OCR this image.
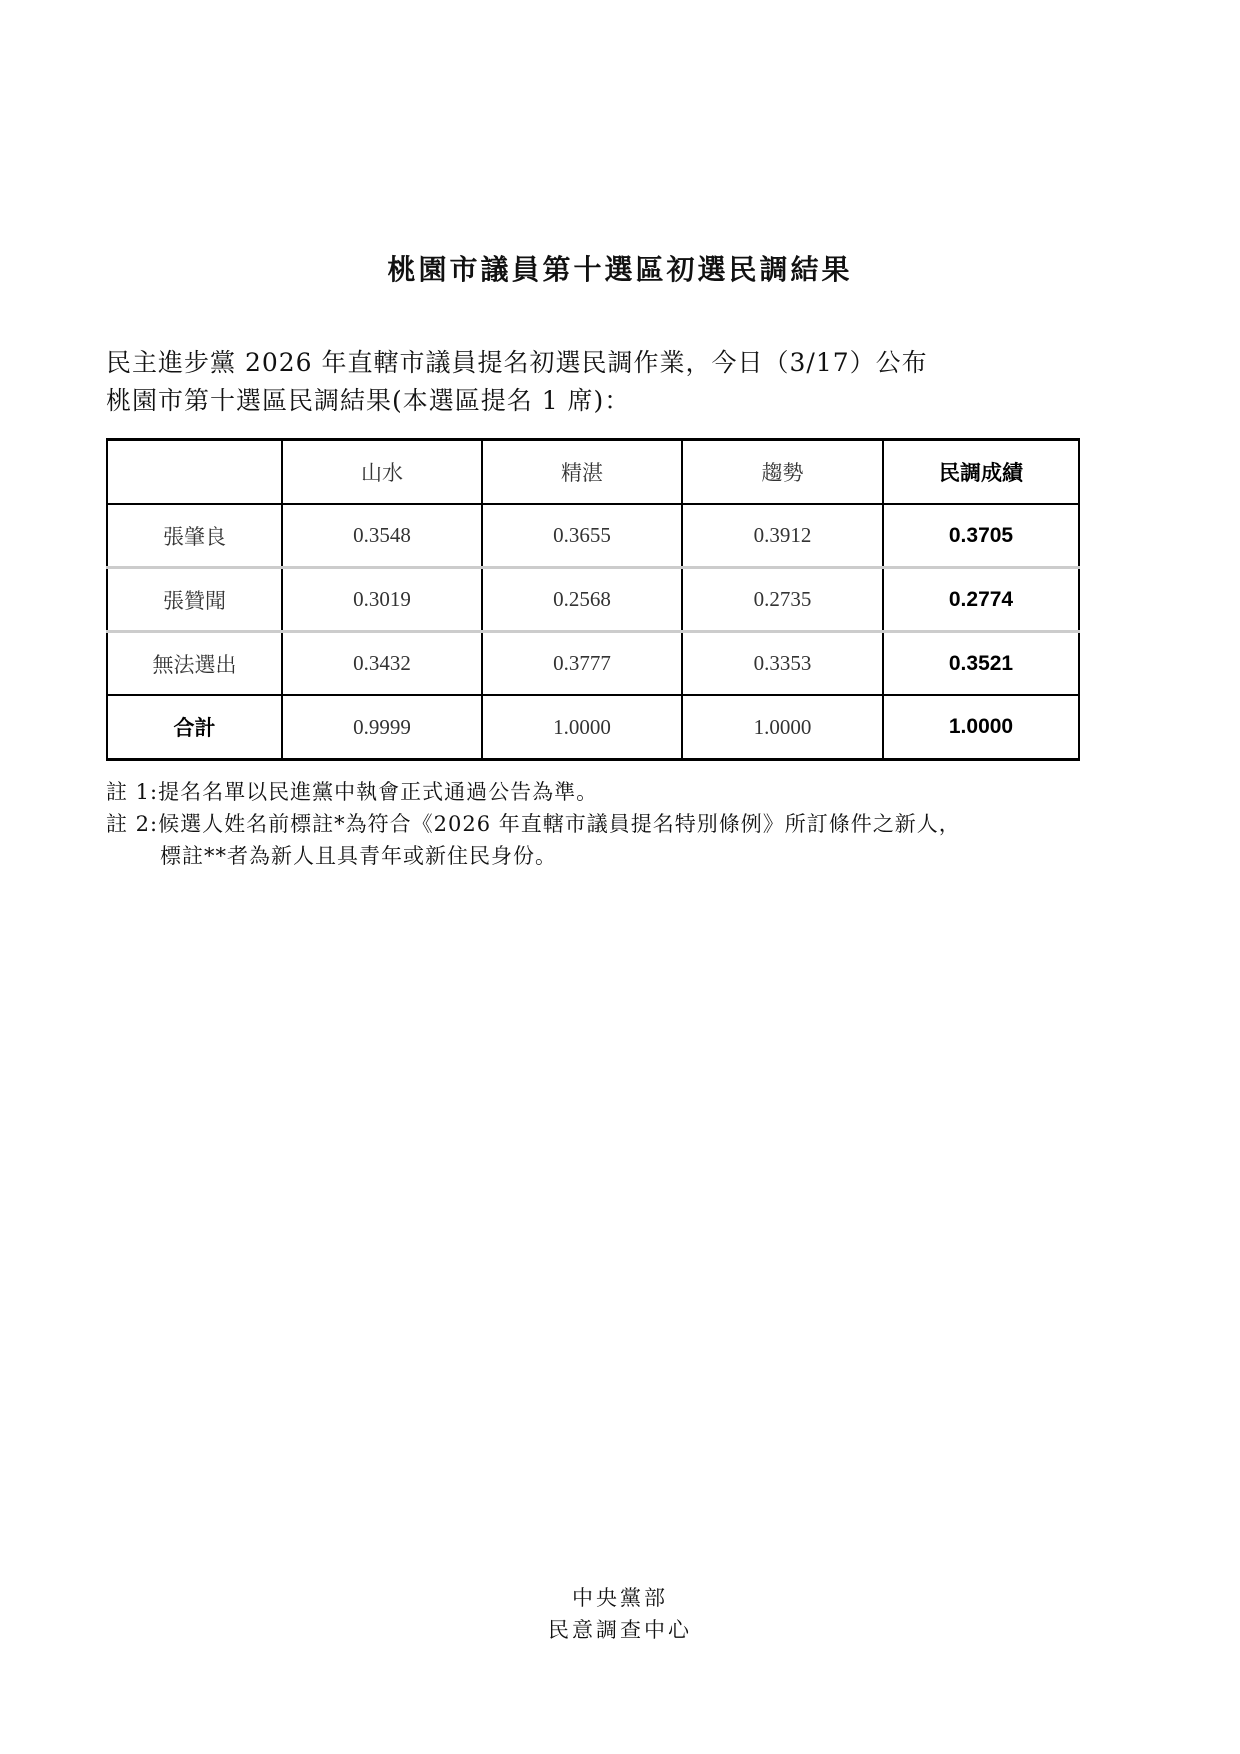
桃園市議員第十選區初選民調結果
民主進步黨 2026 年直轄市議員提名初選民調作業，今日（3/17）公布
桃園市第十選區民調結果(本選區提名 1 席)：
	山水	精湛	趨勢	民調成績
張肇良	0.3548	0.3655	0.3912	0.3705
張贊聞	0.3019	0.2568	0.2735	0.2774
無法選出	0.3432	0.3777	0.3353	0.3521
合計	0.9999	1.0000	1.0000	1.0000
註 1:提名名單以民進黨中執會正式通過公告為準。
註 2:候選人姓名前標註*為符合《2026 年直轄市議員提名特別條例》所訂條件之新人，
標註**者為新人且具青年或新住民身份。
中央黨部
民意調查中心
